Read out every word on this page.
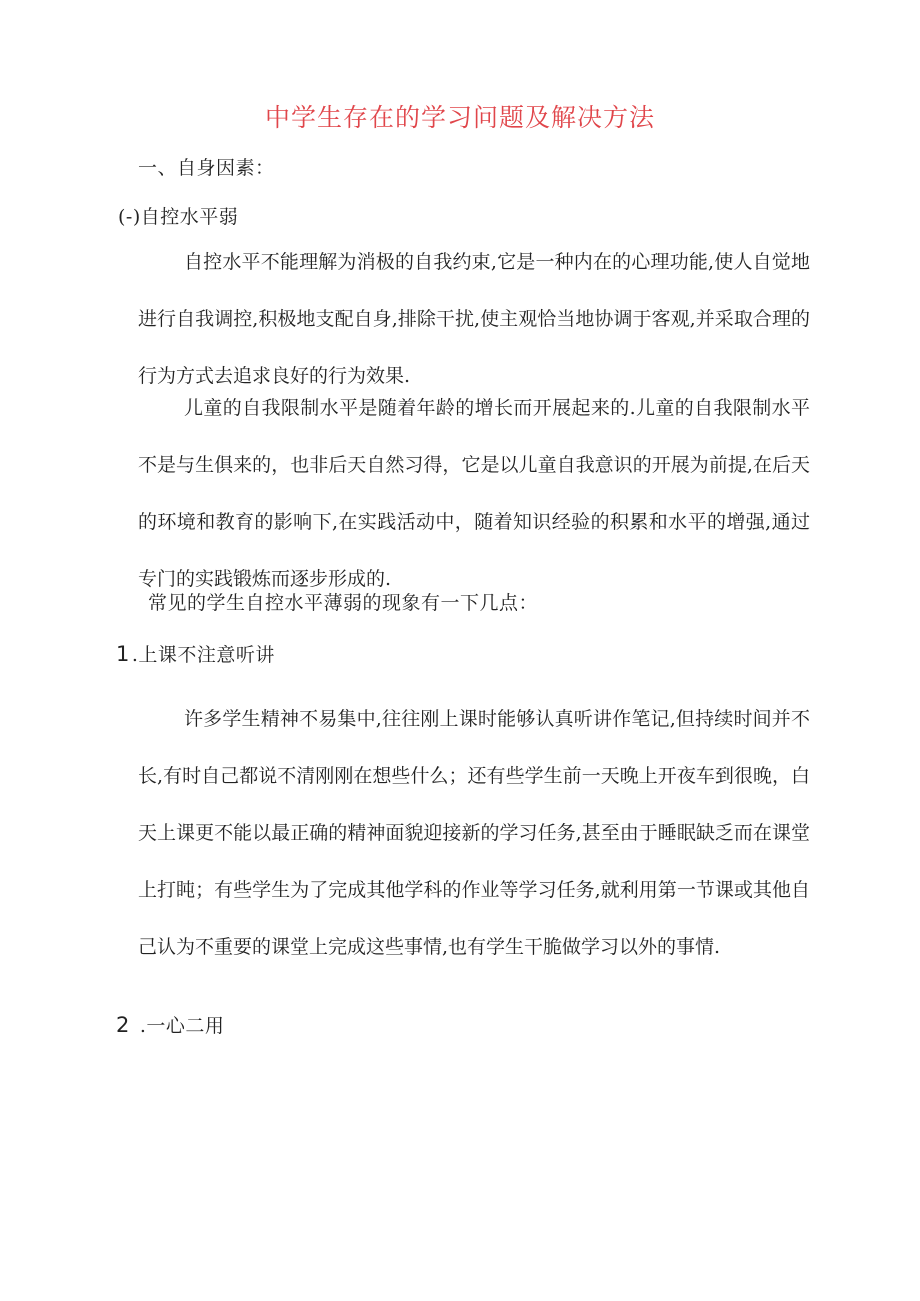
中学生存在的学习问题及解决方法
一、自身因素：
(-)自控水平弱
自控水平不能理解为消极的自我约束,它是一种内在的心理功能,使人自觉地进行自我调控,积极地支配自身,排除干扰,使主观恰当地协调于客观,并采取合理的行为方式去追求良好的行为效果.
儿童的自我限制水平是随着年龄的增长而开展起来的.儿童的自我限制水平不是与生俱来的，也非后天自然习得，它是以儿童自我意识的开展为前提,在后天的环境和教育的影响下,在实践活动中，随着知识经验的积累和水平的增强,通过专门的实践锻炼而逐步形成的.
常见的学生自控水平薄弱的现象有一下几点：
1 .上课不注意听讲
许多学生精神不易集中,往往刚上课时能够认真听讲作笔记,但持续时间并不长,有时自己都说不清刚刚在想些什么；还有些学生前一天晚上开夜车到很晚，白天上课更不能以最正确的精神面貌迎接新的学习任务,甚至由于睡眠缺乏而在课堂上打盹；有些学生为了完成其他学科的作业等学习任务,就利用第一节课或其他自己认为不重要的课堂上完成这些事情,也有学生干脆做学习以外的事情.
2 .一心二用
